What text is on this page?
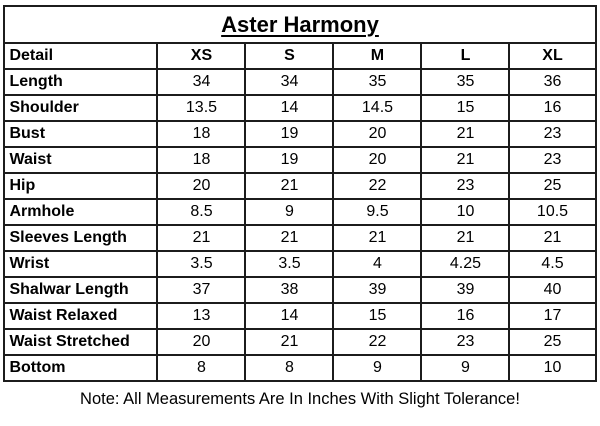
Aster Harmony					
Detail	XS	S	M	L	XL
Length	34	34	35	35	36
Shoulder	13.5	14	14.5	15	16
Bust	18	19	20	21	23
Waist	18	19	20	21	23
Hip	20	21	22	23	25
Armhole	8.5	9	9.5	10	10.5
Sleeves Length	21	21	21	21	21
Wrist	3.5	3.5	4	4.25	4.5
Shalwar Length	37	38	39	39	40
Waist Relaxed	13	14	15	16	17
Waist Stretched	20	21	22	23	25
Bottom	8	8	9	9	10
Note: All Measurements Are In Inches With Slight Tolerance!
